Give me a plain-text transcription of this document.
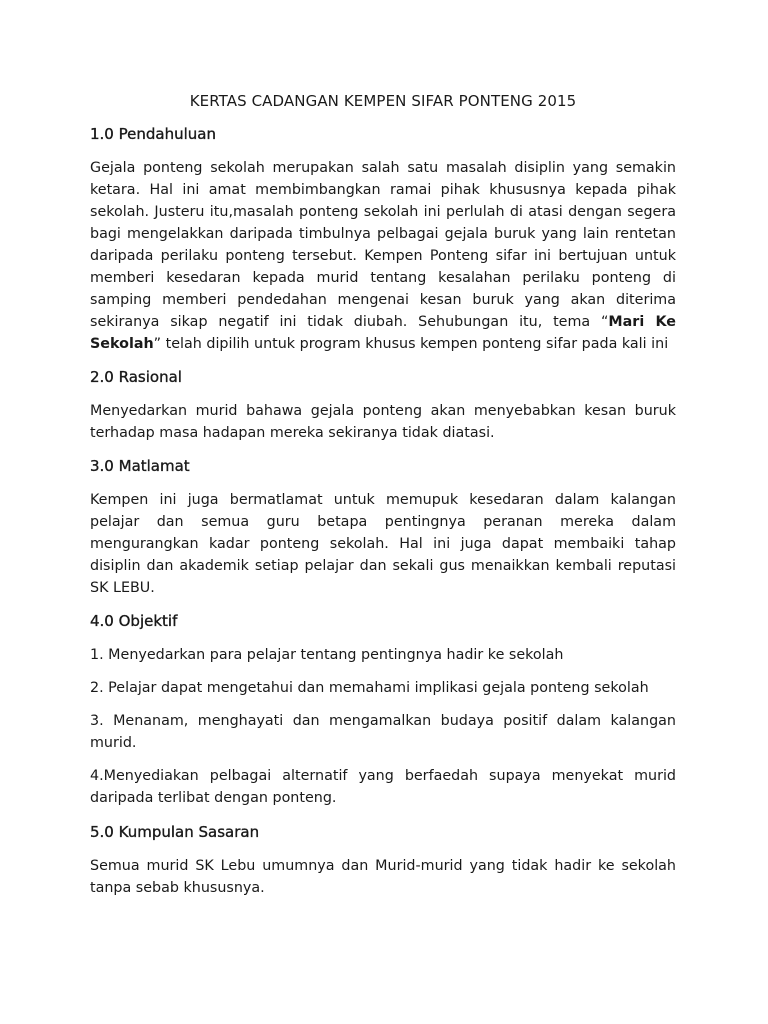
KERTAS CADANGAN KEMPEN SIFAR PONTENG 2015
1.0 Pendahuluan

Gejala ponteng sekolah merupakan salah satu masalah disiplin yang semakin ketara. Hal ini amat membimbangkan ramai pihak khususnya kepada pihak sekolah. Justeru itu,masalah ponteng sekolah ini perlulah di atasi dengan segera bagi mengelakkan daripada timbulnya pelbagai gejala buruk yang lain rentetan daripada perilaku ponteng tersebut. Kempen Ponteng sifar ini bertujuan untuk memberi kesedaran kepada murid tentang kesalahan perilaku ponteng di samping memberi pendedahan mengenai kesan buruk yang akan diterima sekiranya sikap negatif ini tidak diubah. Sehubungan itu, tema “Mari Ke Sekolah” telah dipilih untuk program khusus kempen ponteng sifar pada kali ini

2.0 Rasional

Menyedarkan murid bahawa gejala ponteng akan menyebabkan kesan buruk terhadap masa hadapan mereka sekiranya tidak diatasi.

3.0 Matlamat

Kempen ini juga bermatlamat untuk memupuk kesedaran dalam kalangan pelajar dan semua guru betapa pentingnya peranan mereka dalam mengurangkan kadar ponteng sekolah. Hal ini juga dapat membaiki tahap disiplin dan akademik setiap pelajar dan sekali gus menaikkan kembali reputasi SK LEBU.

4.0 Objektif

1. Menyedarkan para pelajar tentang pentingnya hadir ke sekolah

2. Pelajar dapat mengetahui dan memahami implikasi gejala ponteng sekolah

3. Menanam, menghayati dan mengamalkan budaya positif dalam kalangan murid.

4.Menyediakan pelbagai alternatif yang berfaedah supaya menyekat murid daripada terlibat dengan ponteng.

5.0 Kumpulan Sasaran

Semua murid SK Lebu umumnya dan Murid-murid yang tidak hadir ke sekolah tanpa sebab khususnya.
